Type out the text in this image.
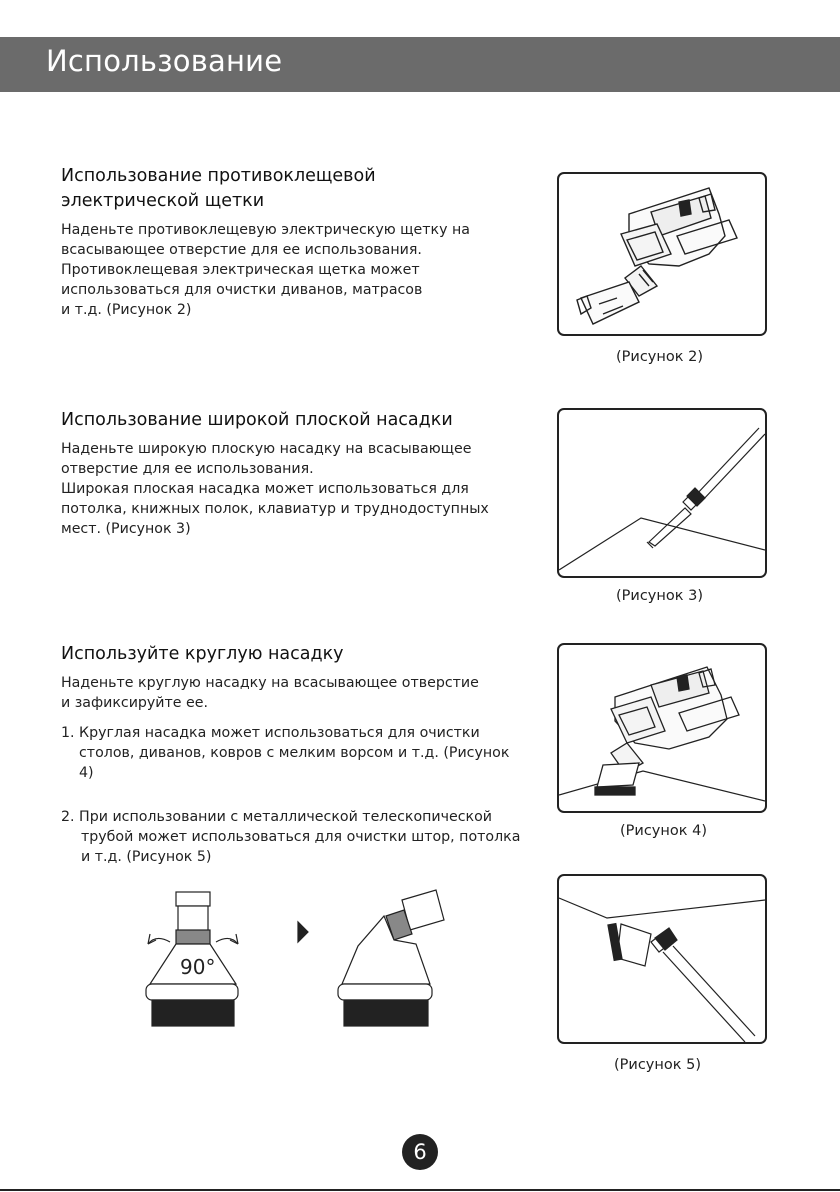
Использование
Использование противоклещевой
электрической щетки

Наденьте противоклещевую электрическую щетку на
всасывающее отверстие для ее использования.
Противоклещевая электрическая щетка может
использоваться для очистки диванов, матрасов
и т.д. (Рисунок 2)

Использование широкой плоской насадки

Наденьте широкую плоскую насадку на всасывающее
отверстие для ее использования.
Широкая плоская насадка может использоваться для
потолка, книжных полок, клавиатур и труднодоступных
мест. (Рисунок 3)

Используйте круглую насадку

Наденьте круглую насадку на всасывающее отверстие
и зафиксируйте ее.

1. Круглая насадка может использоваться для очистки столов, диванов, ковров с мелким ворсом и т.д. (Рисунок 4)

2. При использовании с металлической телескопической трубой может использоваться для очистки штор, потолка и т.д. (Рисунок 5)

(Рисунок 2)
(Рисунок 3)
(Рисунок 4)
(Рисунок 5)
90°
6
